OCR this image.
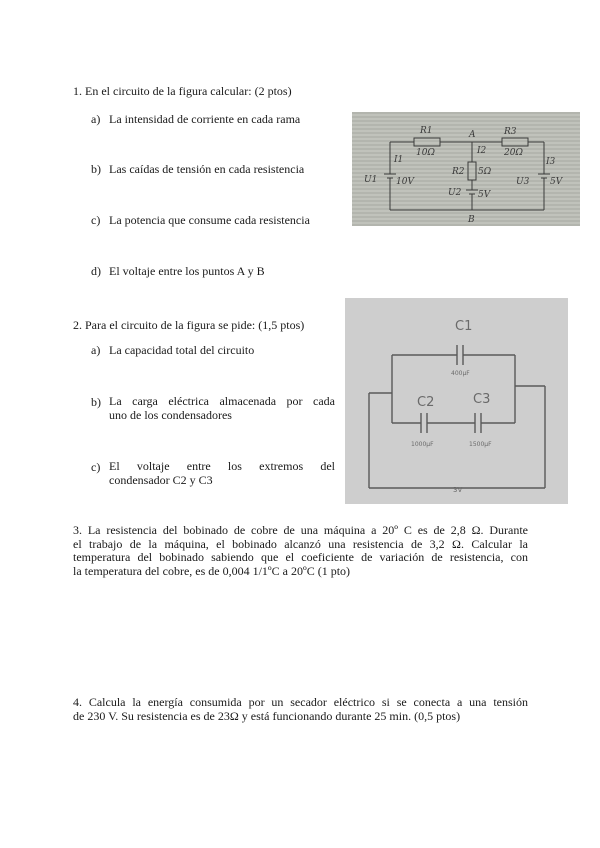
1. En el circuito de la figura calcular: (2 ptos)
a) La intensidad de corriente en cada rama
b) Las caídas de tensión en cada resistencia
c) La potencia que consume cada resistencia
d) El voltaje entre los puntos A y B
R1
10Ω
A	R3
20Ω
I1
I2
I3
R2 5Ω
U1 10V
U2 5V
U3 5V
B
2. Para el circuito de la figura se pide: (1,5 ptos)
a) La capacidad total del circuito
b) La carga eléctrica almacenada por cada
uno de los condensadores
c) El voltaje entre los extremos del
condensador C2 y C3
C1
400μF
C2
1000μF
C3
1500μF
3V
3. La resistencia del bobinado de cobre de una máquina a 20º C es de 2,8 Ω. Durante
el trabajo de la máquina, el bobinado alcanzó una resistencia de 3,2 Ω. Calcular la
temperatura del bobinado sabiendo que el coeficiente de variación de resistencia, con
la temperatura del cobre, es de 0,004 1/1ºC a 20ºC (1 pto)
4. Calcula la energía consumida por un secador eléctrico si se conecta a una tensión
de 230 V. Su resistencia es de 23Ω y está funcionando durante 25 min. (0,5 ptos)
